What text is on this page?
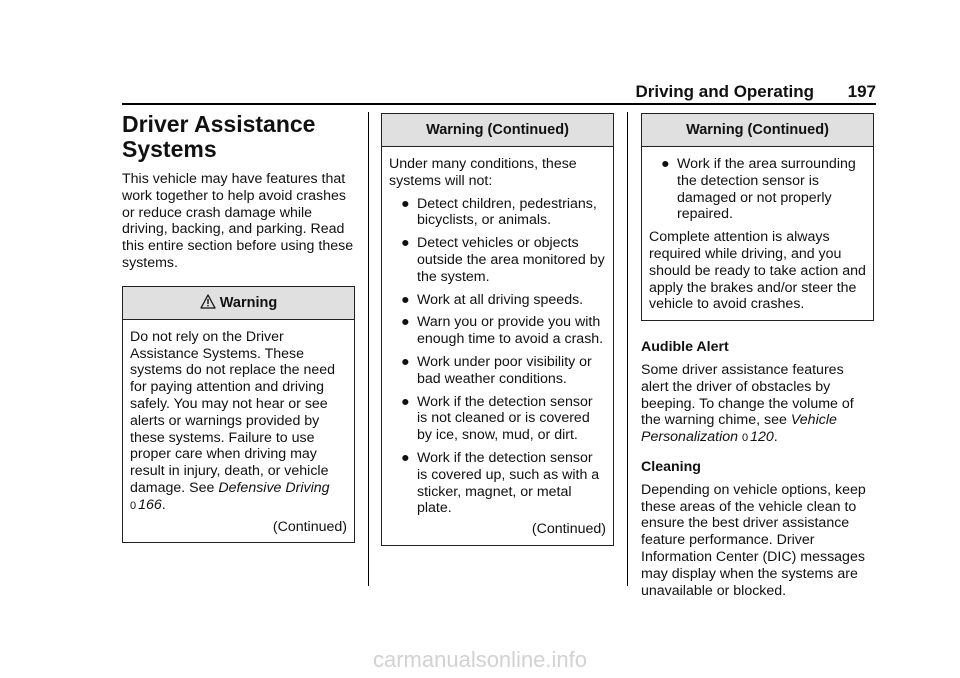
Driving and Operating 197
Driver Assistance Systems

This vehicle may have features that work together to help avoid crashes or reduce crash damage while driving, backing, and parking. Read this entire section before using these systems.

Warning

Do not rely on the Driver Assistance Systems. These systems do not replace the need for paying attention and driving safely. You may not hear or see alerts or warnings provided by these systems. Failure to use proper care when driving may result in injury, death, or vehicle damage. See Defensive Driving
0 166.

(Continued)
Warning (Continued)

Under many conditions, these systems will not:

● Detect children, pedestrians, bicyclists, or animals.
● Detect vehicles or objects outside the area monitored by the system.
● Work at all driving speeds.
● Warn you or provide you with enough time to avoid a crash.
● Work under poor visibility or bad weather conditions.
● Work if the detection sensor is not cleaned or is covered by ice, snow, mud, or dirt.
● Work if the detection sensor is covered up, such as with a sticker, magnet, or metal plate.
(Continued)
Warning (Continued)
● Work if the area surrounding the detection sensor is damaged or not properly repaired.

Complete attention is always required while driving, and you should be ready to take action and apply the brakes and/or steer the vehicle to avoid crashes.

Audible Alert

Some driver assistance features alert the driver of obstacles by beeping. To change the volume of the warning chime, see Vehicle Personalization 0 120.

Cleaning

Depending on vehicle options, keep these areas of the vehicle clean to ensure the best driver assistance feature performance. Driver Information Center (DIC) messages may display when the systems are unavailable or blocked.

carmanualsonline.info
